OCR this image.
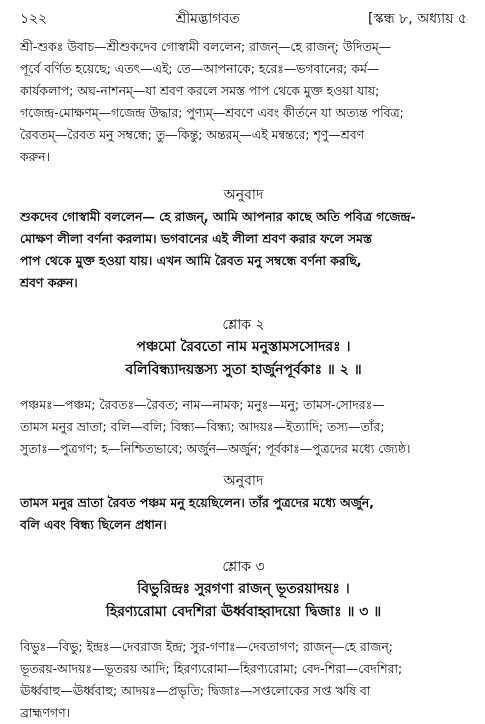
১২২	শ্রীমদ্ভাগবত	[স্কন্ধ ৮, অধ্যায় ৫

শ্রী-শুকঃ উবাচ—শ্রীশুকদেব গোস্বামী বললেন; রাজন্—হে রাজন্; উদিতম্—

পূর্বে বর্ণিত হয়েছে; এতৎ—এই; তে—আপনাকে; হরেঃ—ভগবানের; কর্ম—

কার্যকলাপ; অঘ-নাশনম্—যা শ্রবণ করলে সমস্ত পাপ থেকে মুক্ত হওয়া যায়;

গজেন্দ্র-মোক্ষণম্—গজেন্দ্র উদ্ধার; পুণ্যম্—শ্রবণে এবং কীর্তনে যা অত্যন্ত পবিত্র;

রৈবতম্—রৈবত মনু সম্বন্ধে; তু—কিন্তু; অন্তরম্—এই মন্বন্তরে; শৃণু—শ্রবণ

করুন।

অনুবাদ

শুকদেব গোস্বামী বললেন— হে রাজন্, আমি আপনার কাছে অতি পবিত্র গজেন্দ্র-

মোক্ষণ লীলা বর্ণনা করলাম। ভগবানের এই লীলা শ্রবণ করার ফলে সমস্ত

পাপ থেকে মুক্ত হওয়া যায়। এখন আমি রৈবত মনু সম্বন্ধে বর্ণনা করছি,

শ্রবণ করুন।

শ্লোক ২

পঞ্চমো রৈবতো নাম মনুস্তামসসোদরঃ ।

বলিবিন্ধ্যাদয়স্তস্য সুতা হার্জুনপূর্বকাঃ ॥ ২ ॥

পঞ্চমঃ—পঞ্চম; রৈবতঃ—রৈবত; নাম—নামক; মনুঃ—মনু; তামস-সোদরঃ—

তামস মনুর ভ্রাতা; বলি—বলি; বিন্ধ্য—বিন্ধ্য; আদয়ঃ—ইত্যাদি; তস্য—তাঁর;

সুতাঃ—পুত্রগণ; হ—নিশ্চিতভাবে; অর্জুন—অর্জুন; পূর্বকাঃ—পুত্রদের মধ্যে জ্যেষ্ঠ।

অনুবাদ

তামস মনুর ভ্রাতা রৈবত পঞ্চম মনু হয়েছিলেন। তাঁর পুত্রদের মধ্যে অর্জুন,

বলি এবং বিন্ধ্য ছিলেন প্রধান।

শ্লোক ৩

বিভুরিন্দ্রঃ সুরগণা রাজন্ ভূতরয়াদয়ঃ ।

হিরণ্যরোমা বেদশিরা ঊর্ধ্ববাহ্বাদয়ো দ্বিজাঃ ॥ ৩ ॥

বিভুঃ—বিভু; ইন্দ্রঃ—দেবরাজ ইন্দ্র; সুর-গণাঃ—দেবতাগণ; রাজন্—হে রাজন্;

ভূতরয়-আদয়ঃ—ভূতরয় আদি; হিরণ্যরোমা—হিরণ্যরোমা; বেদ-শিরা—বেদশিরা;

ঊর্ধ্ববাহু—ঊর্ধ্ববাহু; আদয়ঃ—প্রভৃতি; দ্বিজাঃ—সপ্তলোকের সপ্ত ঋষি বা

ব্রাহ্মণগণ।
